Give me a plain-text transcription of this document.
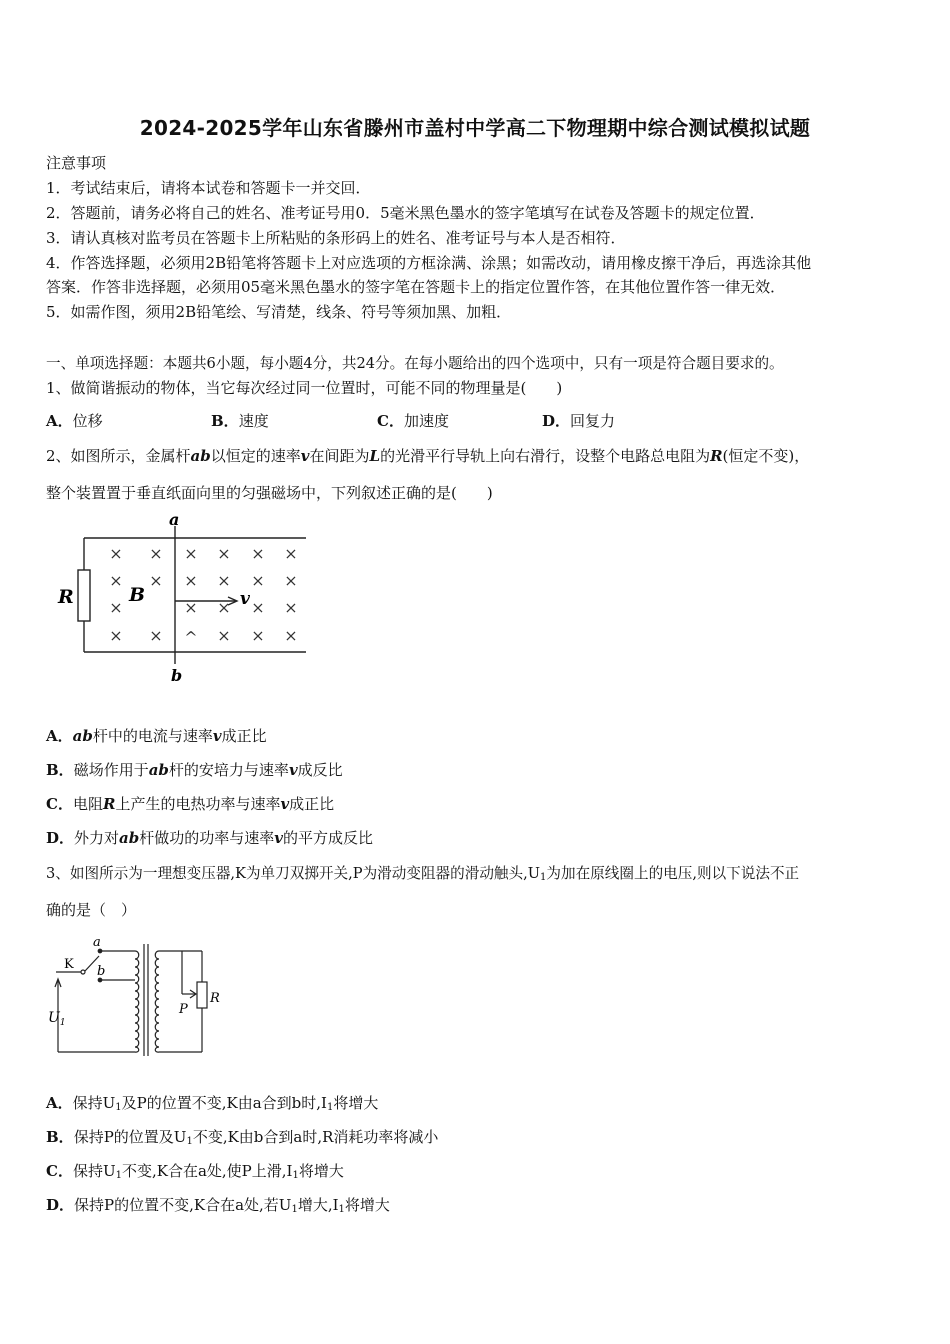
2024-2025学年山东省滕州市盖村中学高二下物理期中综合测试模拟试题
注意事项
1．考试结束后，请将本试卷和答题卡一并交回．
2．答题前，请务必将自己的姓名、准考证号用0．5毫米黑色墨水的签字笔填写在试卷及答题卡的规定位置．
3．请认真核对监考员在答题卡上所粘贴的条形码上的姓名、准考证号与本人是否相符．
4．作答选择题，必须用2B铅笔将答题卡上对应选项的方框涂满、涂黑；如需改动，请用橡皮擦干净后，再选涂其他
答案．作答非选择题，必须用05毫米黑色墨水的签字笔在答题卡上的指定位置作答，在其他位置作答一律无效．
5．如需作图，须用2B铅笔绘、写清楚，线条、符号等须加黑、加粗．
一、单项选择题：本题共6小题，每小题4分，共24分。在每小题给出的四个选项中，只有一项是符合题目要求的。
1、做简谐振动的物体，当它每次经过同一位置时，可能不同的物理量是(　　)
A．位移	B．速度	C．加速度	D．回复力
2、如图所示，金属杆ab以恒定的速率v在间距为L的光滑平行导轨上向右滑行，设整个电路总电阻为R(恒定不变)，
整个装置置于垂直纸面向里的匀强磁场中，下列叙述正确的是(　　)
a
b
R	B	v
× × × × × ×
× × × × × ×
×	× × × ×
× × ^ × × ×
A．ab杆中的电流与速率v成正比
B．磁场作用于ab杆的安培力与速率v成反比
C．电阻R上产生的电热功率与速率v成正比
D．外力对ab杆做功的功率与速率v的平方成反比
3、如图所示为一理想变压器,K为单刀双掷开关,P为滑动变阻器的滑动触头$,U_1$为加在原线圈上的电压,则以下说法不正
确的是（　）
a
b
K
$U_1$
P
R
A．保持$U_1$及P的位置不变,K由a合到b时$,I_1$将增大
B．保持P的位置及$U_1$不变,K由b合到a时,R消耗功率将减小
C．保持$U_1$不变,K合在a处,使P上滑$,I_1$将增大
D．保持P的位置不变,K合在a处,若$U_1$增大$,I_1$将增大
